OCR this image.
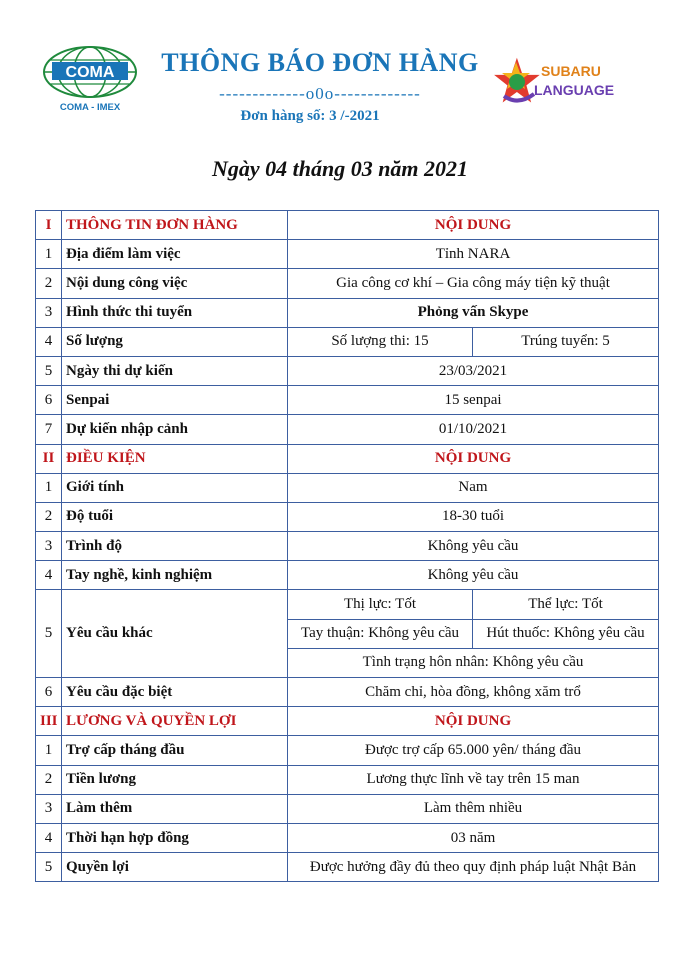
COMA
COMA - IMEX
THÔNG BÁO ĐƠN HÀNG
-------------o0o-------------
Đơn hàng số: 3 /-2021
SUBARU
LANGUAGE
Ngày 04 tháng 03 năm 2021
I	THÔNG TIN ĐƠN HÀNG	NỘI DUNG	
1	Địa điểm làm việc	Tỉnh NARA	
2	Nội dung công việc	Gia công cơ khí – Gia công máy tiện kỹ thuật	
3	Hình thức thi tuyển	Phỏng vấn Skype	
4	Số lượng	Số lượng thi: 15	Trúng tuyển: 5
5	Ngày thi dự kiến	23/03/2021	
6	Senpai	15 senpai	
7	Dự kiến nhập cảnh	01/10/2021	
II	ĐIỀU KIỆN	NỘI DUNG	
1	Giới tính	Nam	
2	Độ tuổi	18-30 tuổi	
3	Trình độ	Không yêu cầu	
4	Tay nghề, kinh nghiệm	Không yêu cầu	
5	Yêu cầu khác	Thị lực: Tốt	Thể lực: Tốt
		Tay thuận: Không yêu cầu	Hút thuốc: Không yêu cầu
		Tình trạng hôn nhân: Không yêu cầu	
6	Yêu cầu đặc biệt	Chăm chỉ, hòa đồng, không xăm trổ	
III	LƯƠNG VÀ QUYỀN LỢI	NỘI DUNG	
1	Trợ cấp tháng đầu	Được trợ cấp 65.000 yên/ tháng đầu	
2	Tiền lương	Lương thực lĩnh về tay trên 15 man	
3	Làm thêm	Làm thêm nhiều	
4	Thời hạn hợp đồng	03 năm	
5	Quyền lợi	Được hưởng đầy đủ theo quy định pháp luật Nhật Bản	
